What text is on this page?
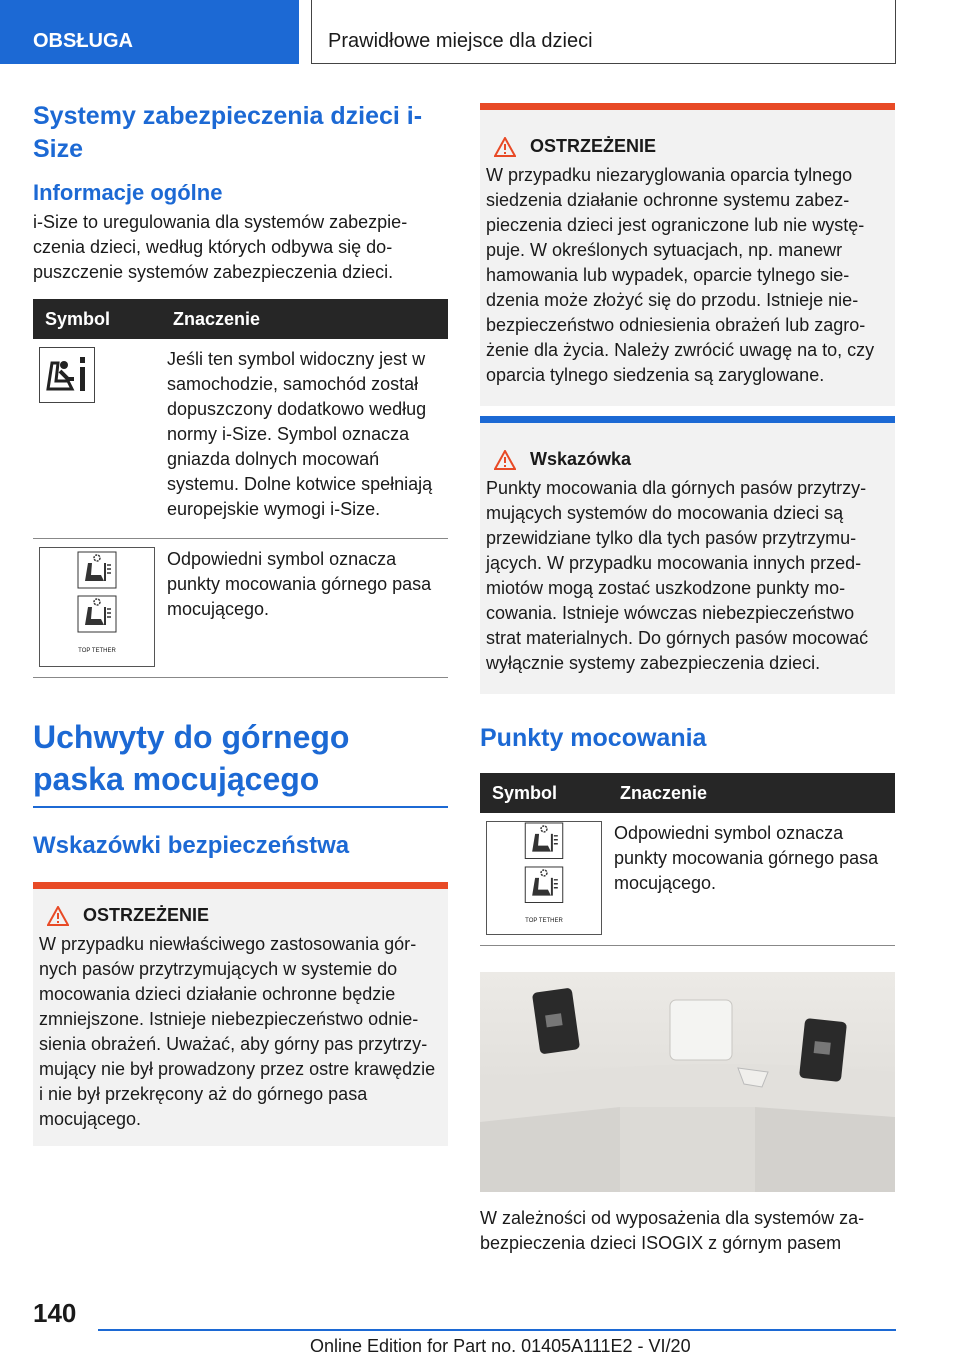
OBSŁUGA	Prawidłowe miejsce dla dzieci
Systemy zabezpieczenia dzieci i-Size
Informacje ogólne
i-Size to uregulowania dla systemów zabezpieczenia dzieci, według których odbywa się dopuszczenie systemów zabezpieczenia dzieci.
Symbol	Znaczenie

	Jeśli ten symbol widoczny jest w samochodzie, samochód został dopuszczony dodatkowo według normy i-Size. Symbol oznacza gniazda dolnych mocowań systemu. Dolne kotwice spełniają europejskie wymogi i-Size.

TOP TETHER	Odpowiedni symbol oznacza punkty mocowania górnego pasa mocującego.
Uchwyty do górnego paska mocującego
Wskazówki bezpieczeństwa
OSTRZEŻENIE
W przypadku niewłaściwego zastosowania górnych pasów przytrzymujących w systemie do mocowania dzieci działanie ochronne będzie zmniejszone. Istnieje niebezpieczeństwo odniesienia obrażeń. Uważać, aby górny pas przytrzymujący nie był prowadzony przez ostre krawędzie i nie był przekręcony aż do górnego pasa mocującego.
OSTRZEŻENIE
W przypadku niezaryglowania oparcia tylnego siedzenia działanie ochronne systemu zabezpieczenia dzieci jest ograniczone lub nie występuje. W określonych sytuacjach, np. manewr hamowania lub wypadek, oparcie tylnego siedzenia może złożyć się do przodu. Istnieje niebezpieczeństwo odniesienia obrażeń lub zagrożenie dla życia. Należy zwrócić uwagę na to, czy oparcia tylnego siedzenia są zaryglowane.
Wskazówka
Punkty mocowania dla górnych pasów przytrzymujących systemów do mocowania dzieci są przewidziane tylko dla tych pasów przytrzymujących. W przypadku mocowania innych przedmiotów mogą zostać uszkodzone punkty mocowania. Istnieje wówczas niebezpieczeństwo strat materialnych. Do górnych pasów mocować wyłącznie systemy zabezpieczenia dzieci.
Punkty mocowania
Symbol	Znaczenie

TOP TETHER	Odpowiedni symbol oznacza punkty mocowania górnego pasa mocującego.
W zależności od wyposażenia dla systemów zabezpieczenia dzieci ISOGIX z górnym pasem
140
Online Edition for Part no. 01405A111E2 - VI/20
